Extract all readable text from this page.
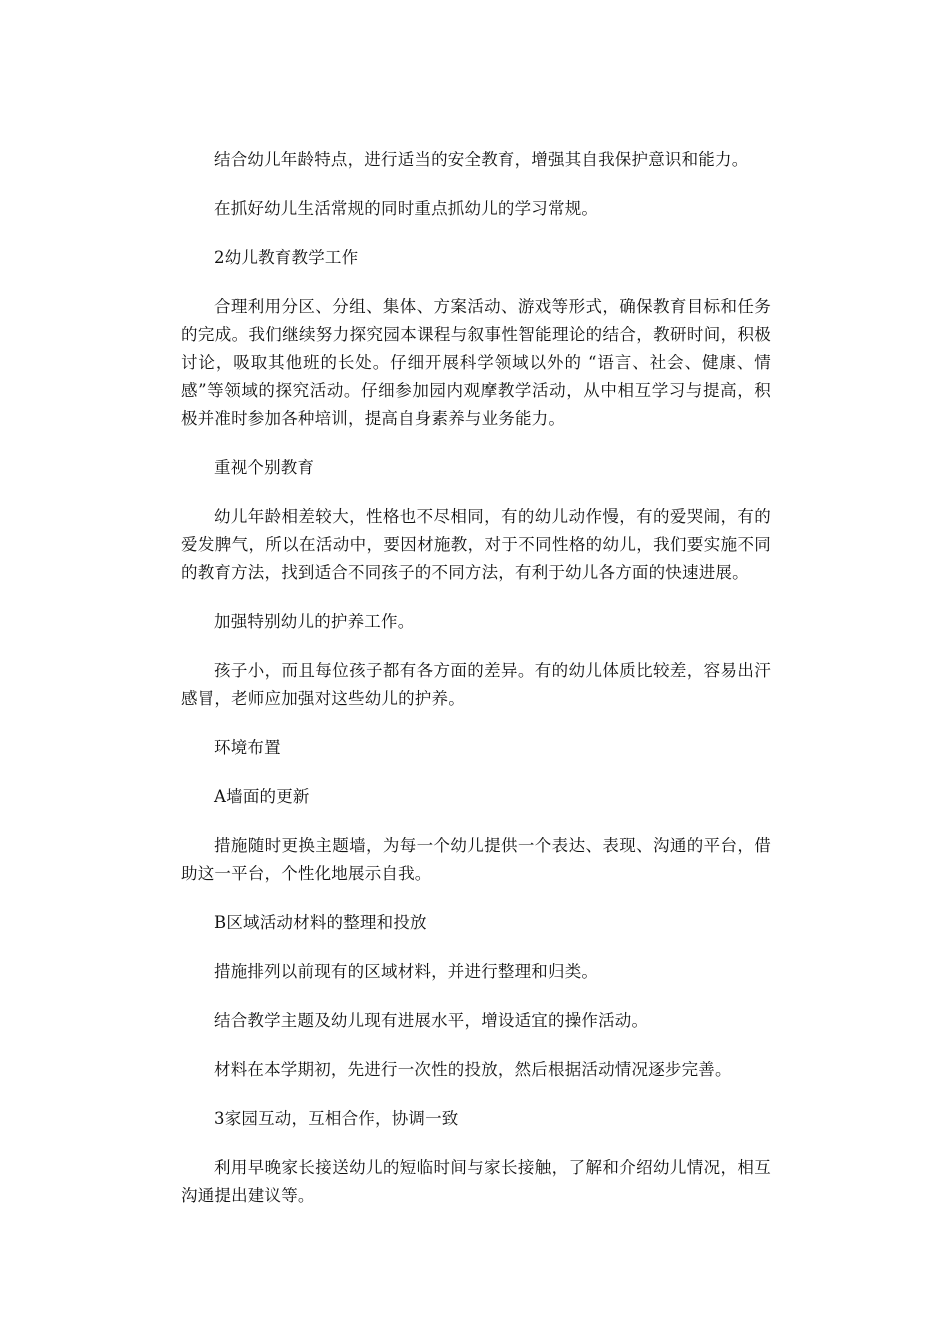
结合幼儿年龄特点，进行适当的安全教育，增强其自我保护意识和能力。

在抓好幼儿生活常规的同时重点抓幼儿的学习常规。

2幼儿教育教学工作

合理利用分区、分组、集体、方案活动、游戏等形式，确保教育目标和任务的完成。我们继续努力探究园本课程与叙事性智能理论的结合，教研时间，积极讨论，吸取其他班的长处。仔细开展科学领域以外的 “语言、社会、健康、情感”等领域的探究活动。仔细参加园内观摩教学活动，从中相互学习与提高，积极并准时参加各种培训，提高自身素养与业务能力。

重视个别教育

幼儿年龄相差较大，性格也不尽相同，有的幼儿动作慢，有的爱哭闹，有的爱发脾气，所以在活动中，要因材施教，对于不同性格的幼儿，我们要实施不同的教育方法，找到适合不同孩子的不同方法，有利于幼儿各方面的快速进展。

加强特别幼儿的护养工作。

孩子小，而且每位孩子都有各方面的差异。有的幼儿体质比较差，容易出汗感冒，老师应加强对这些幼儿的护养。

环境布置

A墙面的更新

措施随时更换主题墙，为每一个幼儿提供一个表达、表现、沟通的平台，借助这一平台，个性化地展示自我。

B区域活动材料的整理和投放

措施排列以前现有的区域材料，并进行整理和归类。

结合教学主题及幼儿现有进展水平，增设适宜的操作活动。

材料在本学期初，先进行一次性的投放，然后根据活动情况逐步完善。

3家园互动，互相合作，协调一致

利用早晚家长接送幼儿的短临时间与家长接触，了解和介绍幼儿情况，相互沟通提出建议等。
